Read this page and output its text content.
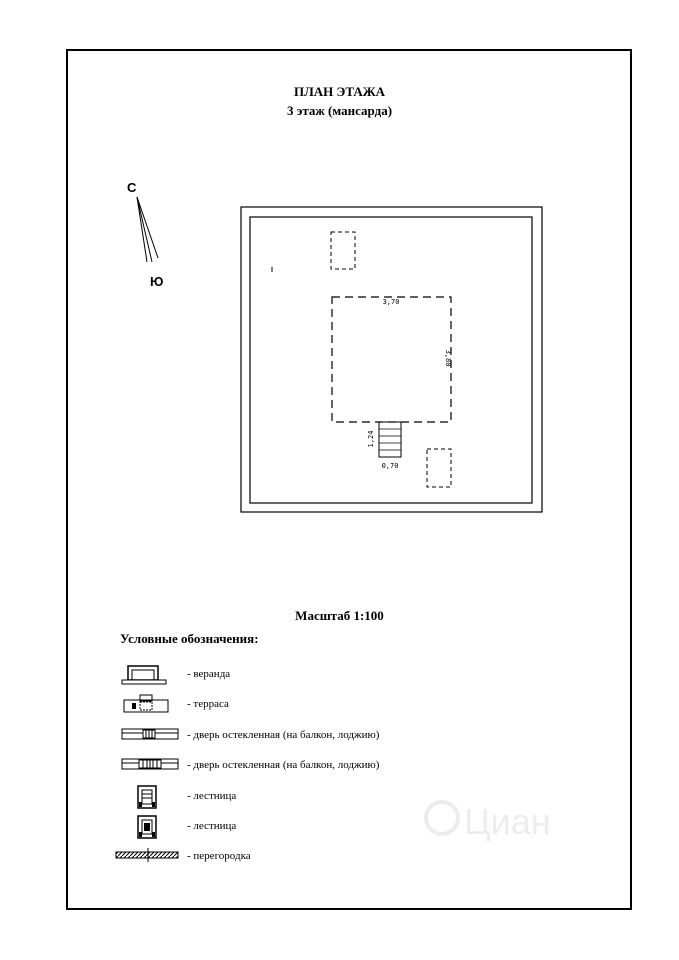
ПЛАН ЭТАЖА
3 этаж (мансарда)
С
Ю
3,70
3,80
1,24
0,70
Масштаб 1:100
Условные обозначения:
- веранда
- терраса
- дверь остекленная (на балкон, лоджию)
- дверь остекленная (на балкон, лоджию)
- лестница
- лестница
- перегородка
Циан
